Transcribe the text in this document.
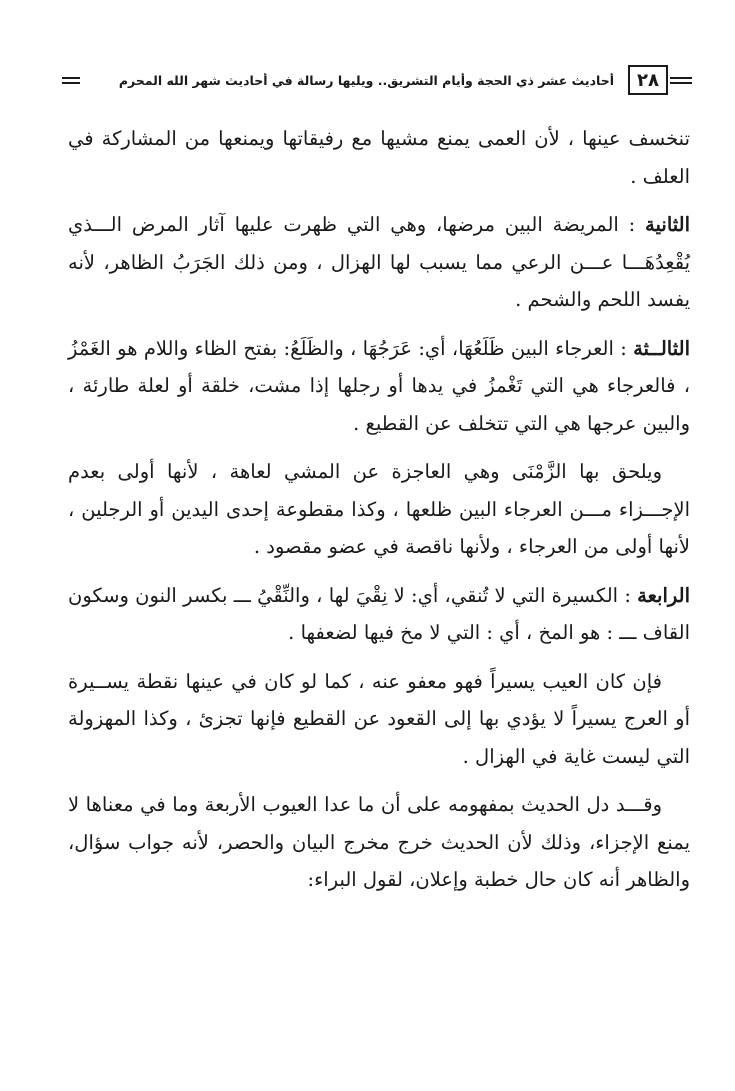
٢٨
أحاديث عشر ذي الحجة وأيام التشريق.. ويليها رسالة في أحاديث شهر الله المحرم

تنخسف عينها ، لأن العمى يمنع مشيها مع رفيقاتها ويمنعها من المشاركة في العلف .

الثانية : المريضة البين مرضها، وهي التي ظهرت عليها آثار المرض الـــذي يُقْعِدُهَـــا عـــن الرعي مما يسبب لها الهزال ، ومن ذلك الجَرَبُ الظاهر، لأنه يفسد اللحم والشحم .

الثالــثة : العرجاء البين ظَلَعُهَا، أي: عَرَجُهَا ، والظَلَعُ: بفتح الظاء واللام هو الغَمْزُ ، فالعرجاء هي التي تَغْمزُ في يدها أو رجلها إذا مشت، خلقة أو لعلة طارئة ، والبين عرجها هي التي تتخلف عن القطيع .

ويلحق بها الزَّمْنَى وهي العاجزة عن المشي لعاهة ، لأنها أولى بعدم الإجـــزاء مـــن العرجاء البين ظلعها ، وكذا مقطوعة إحدى اليدين أو الرجلين ، لأنها أولى من العرجاء ، ولأنها ناقصة في عضو مقصود .

الرابعة : الكسيرة التي لا تُنقي، أي: لا نِقْيَ لها ، والنِّقْيُ ـــ بكسر النون وسكون القاف ـــ : هو المخ ، أي : التي لا مخ فيها لضعفها .

فإن كان العيب يسيراً فهو معفو عنه ، كما لو كان في عينها نقطة يســيرة أو العرج يسيراً لا يؤدي بها إلى القعود عن القطيع فإنها تجزئ ، وكذا المهزولة التي ليست غاية في الهزال .

وقـــد دل الحديث بمفهومه على أن ما عدا العيوب الأربعة وما في معناها لا يمنع الإجزاء، وذلك لأن الحديث خرج مخرج البيان والحصر، لأنه جواب سؤال، والظاهر أنه كان حال خطبة وإعلان، لقول البراء:
